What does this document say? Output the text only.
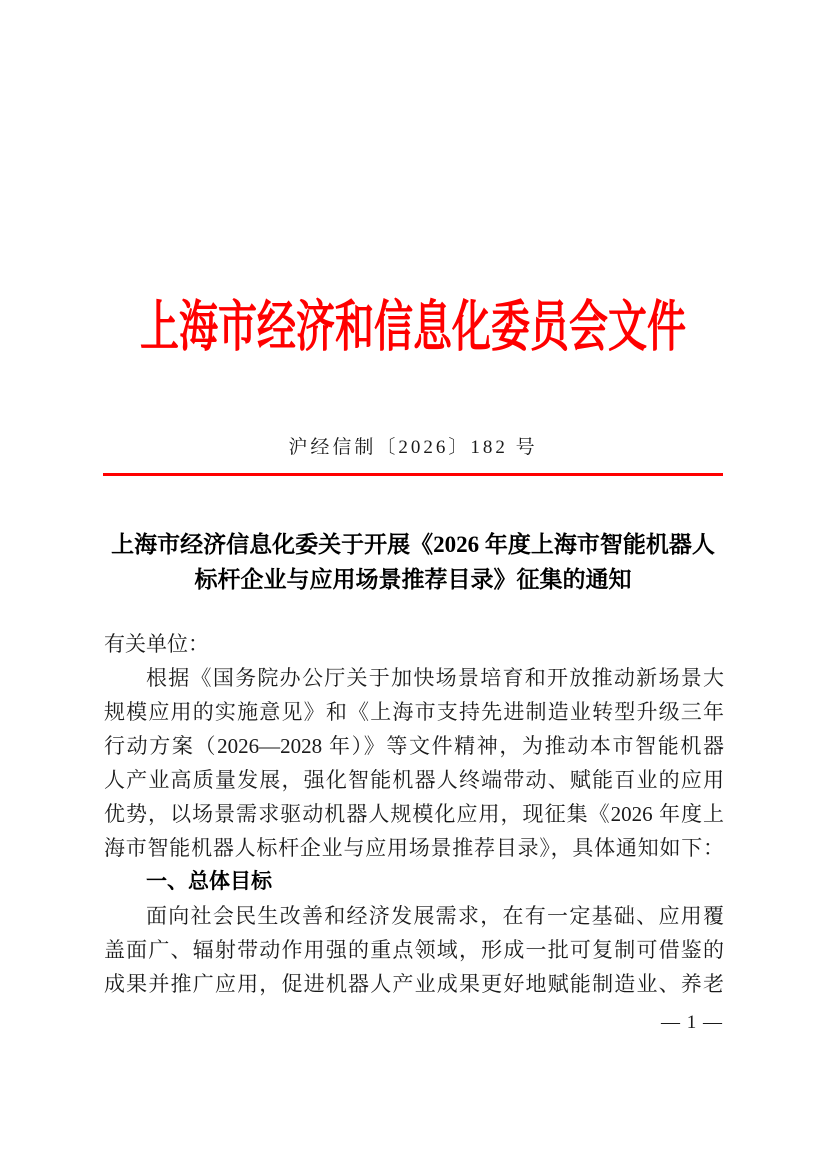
上海市经济和信息化委员会文件
沪经信制〔2026〕182 号
上海市经济信息化委关于开展《2026 年度上海市智能机器人
标杆企业与应用场景推荐目录》征集的通知
有关单位：
根据《国务院办公厅关于加快场景培育和开放推动新场景大
规模应用的实施意见》和《上海市支持先进制造业转型升级三年
行动方案（2026—2028 年）》等文件精神，为推动本市智能机器
人产业高质量发展，强化智能机器人终端带动、赋能百业的应用
优势，以场景需求驱动机器人规模化应用，现征集《2026 年度上
海市智能机器人标杆企业与应用场景推荐目录》，具体通知如下：
一、总体目标
面向社会民生改善和经济发展需求，在有一定基础、应用覆
盖面广、辐射带动作用强的重点领域，形成一批可复制可借鉴的
成果并推广应用，促进机器人产业成果更好地赋能制造业、养老
— 1 —
